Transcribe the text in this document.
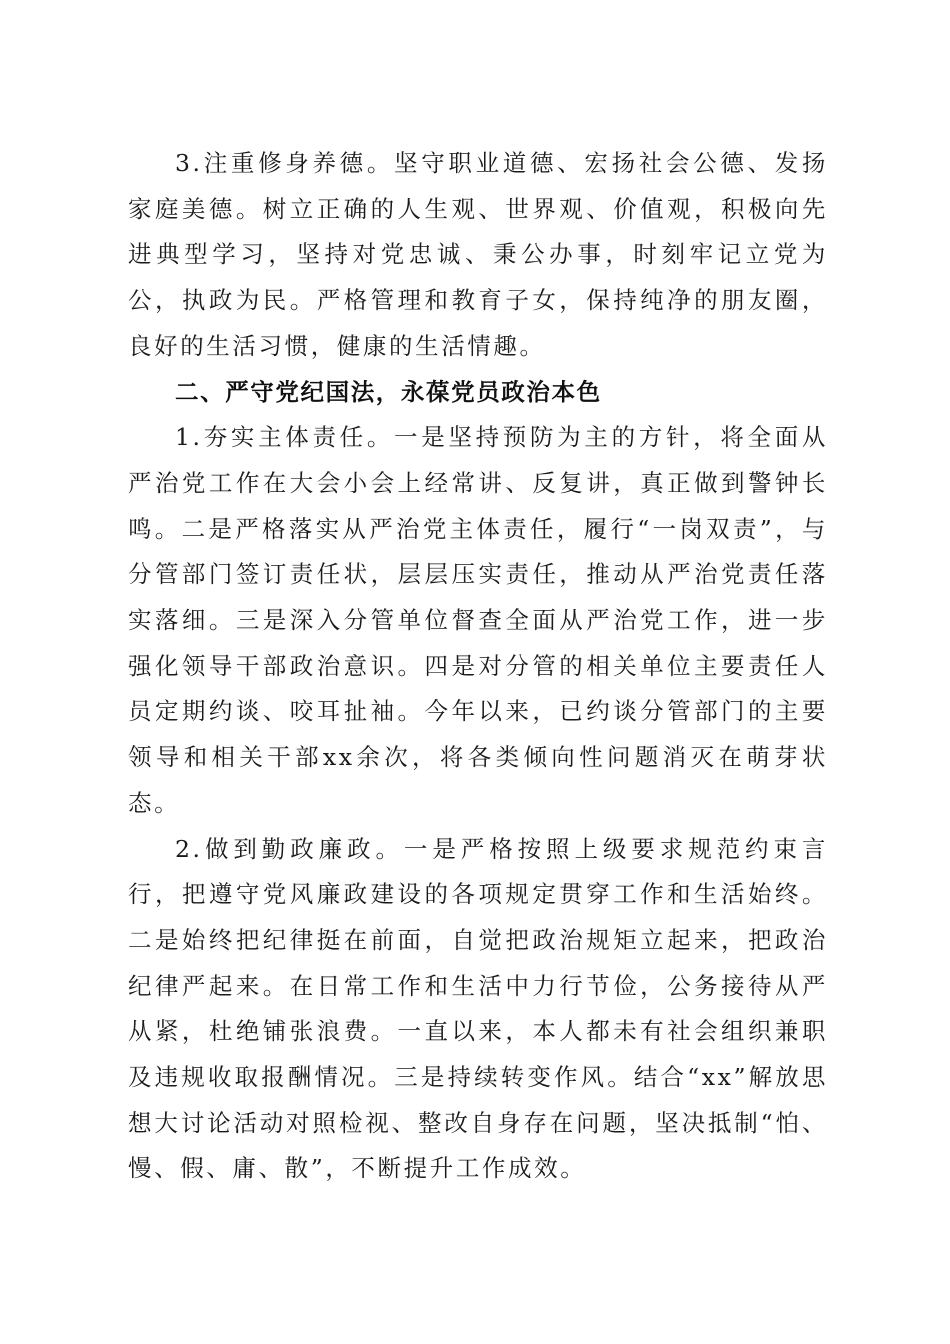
3.注重修身养德。坚守职业道德、宏扬社会公德、发扬家庭美德。树立正确的人生观、世界观、价值观，积极向先进典型学习，坚持对党忠诚、秉公办事，时刻牢记立党为公，执政为民。严格管理和教育子女，保持纯净的朋友圈，良好的生活习惯，健康的生活情趣。

二、严守党纪国法，永葆党员政治本色

1.夯实主体责任。一是坚持预防为主的方针，将全面从严治党工作在大会小会上经常讲、反复讲，真正做到警钟长鸣。二是严格落实从严治党主体责任，履行“一岗双责”，与分管部门签订责任状，层层压实责任，推动从严治党责任落实落细。三是深入分管单位督查全面从严治党工作，进一步强化领导干部政治意识。四是对分管的相关单位主要责任人员定期约谈、咬耳扯袖。今年以来，已约谈分管部门的主要领导和相关干部xx余次，将各类倾向性问题消灭在萌芽状态。

2.做到勤政廉政。一是严格按照上级要求规范约束言行，把遵守党风廉政建设的各项规定贯穿工作和生活始终。二是始终把纪律挺在前面，自觉把政治规矩立起来，把政治纪律严起来。在日常工作和生活中力行节俭，公务接待从严从紧，杜绝铺张浪费。一直以来，本人都未有社会组织兼职及违规收取报酬情况。三是持续转变作风。结合“xx”解放思想大讨论活动对照检视、整改自身存在问题，坚决抵制“怕、慢、假、庸、散”，不断提升工作成效。
